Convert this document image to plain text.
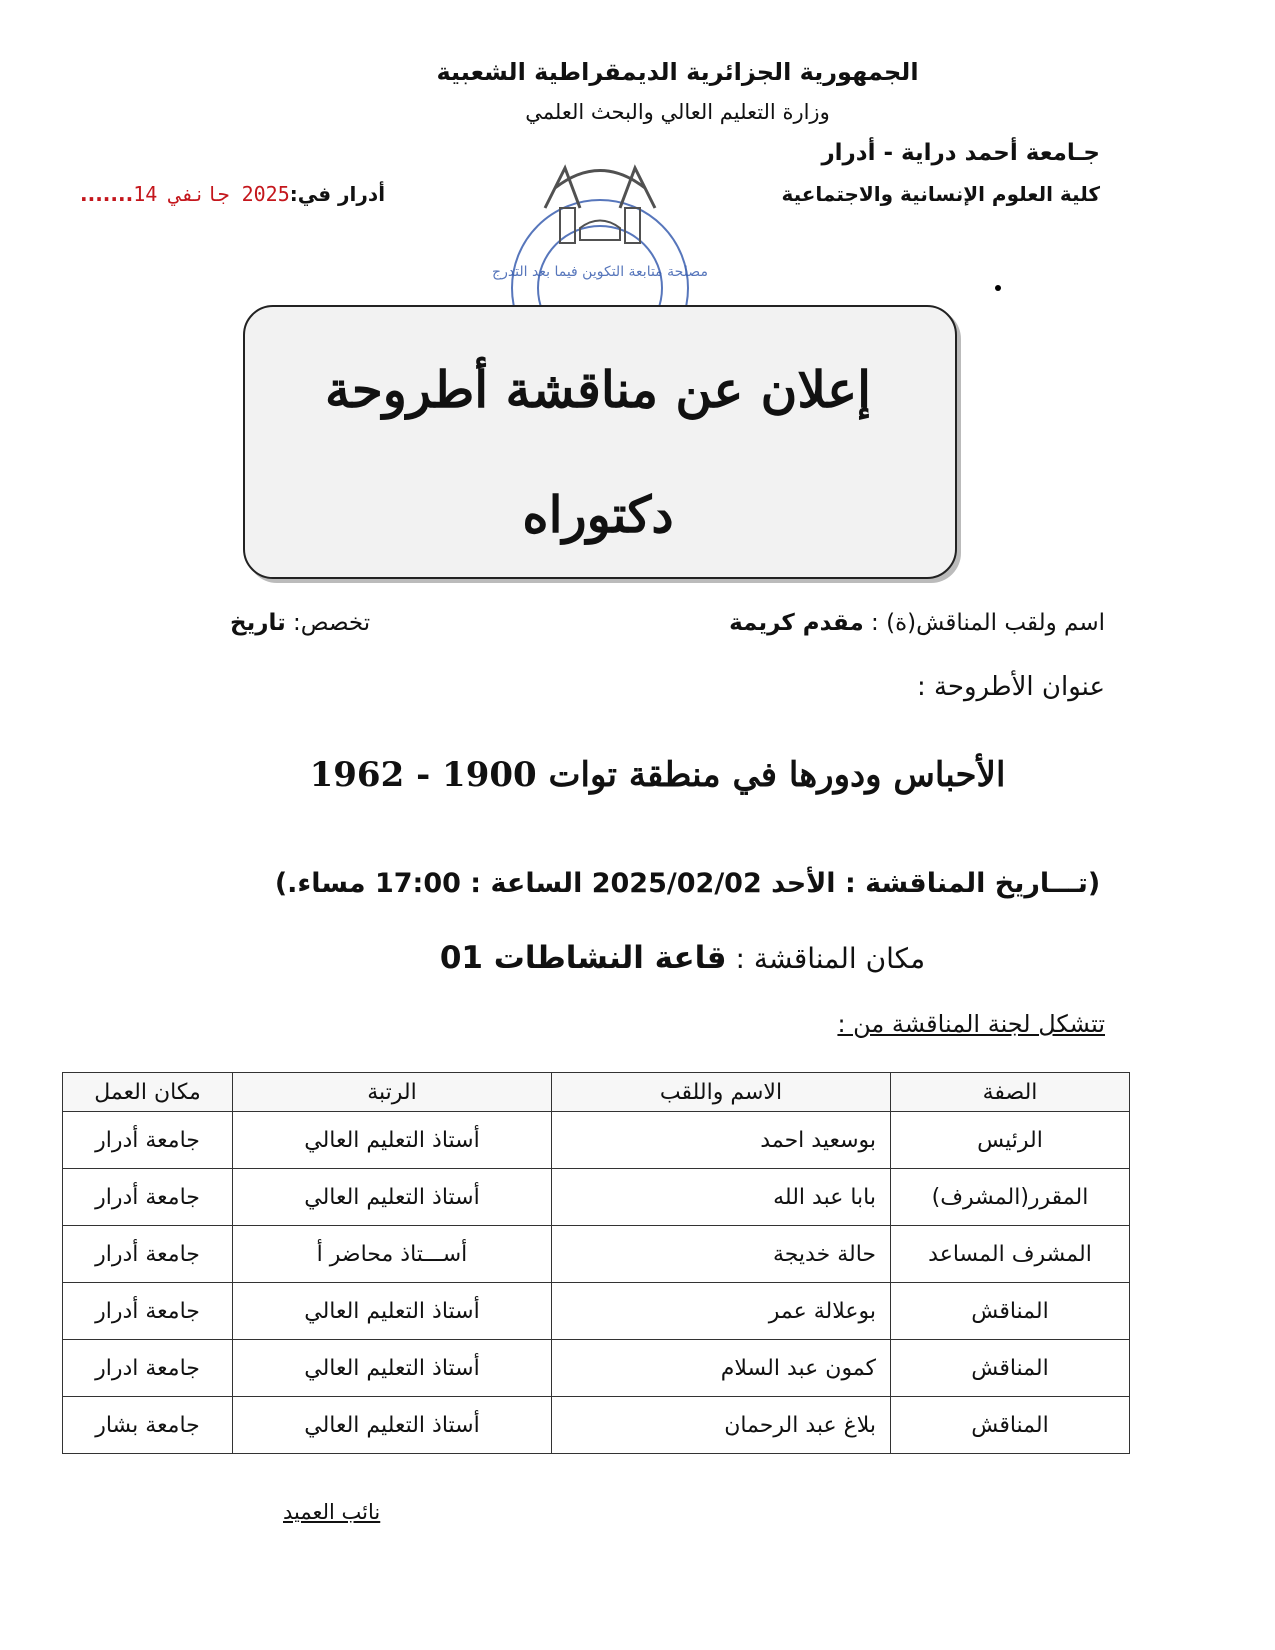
الجمهورية الجزائرية الديمقراطية الشعبية
وزارة التعليم العالي والبحث العلمي
جـامعة أحمد دراية - أدرار
كلية العلوم الإنسانية والاجتماعية
أدرار في:2025 جانفي 14.......
مصلحة متابعة التكوين فيما بعد التدرج
إعلان عن مناقشة أطروحة
دكتوراه
اسم ولقب المناقش(ة) : مقدم كريمة
تخصص: تاريخ
عنوان الأطروحة :
الأحباس ودورها في منطقة توات 1900 - 1962
(تـــاريخ المناقشة : الأحد 2025/02/02 الساعة : 17:00 مساء.)
مكان المناقشة : قاعة النشاطات 01
تتشكل لجنة المناقشة من :
الصفة	الاسم واللقب	الرتبة	مكان العمل
الرئيس	بوسعيد احمد	أستاذ التعليم العالي	جامعة أدرار
المقرر(المشرف)	بابا عبد الله	أستاذ التعليم العالي	جامعة أدرار
المشرف المساعد	حالة خديجة	أســـتاذ محاضر أ	جامعة أدرار
المناقش	بوعلالة عمر	أستاذ التعليم العالي	جامعة أدرار
المناقش	كمون عبد السلام	أستاذ التعليم العالي	جامعة ادرار
المناقش	بلاغ عبد الرحمان	أستاذ التعليم العالي	جامعة بشار
نائب العميد
